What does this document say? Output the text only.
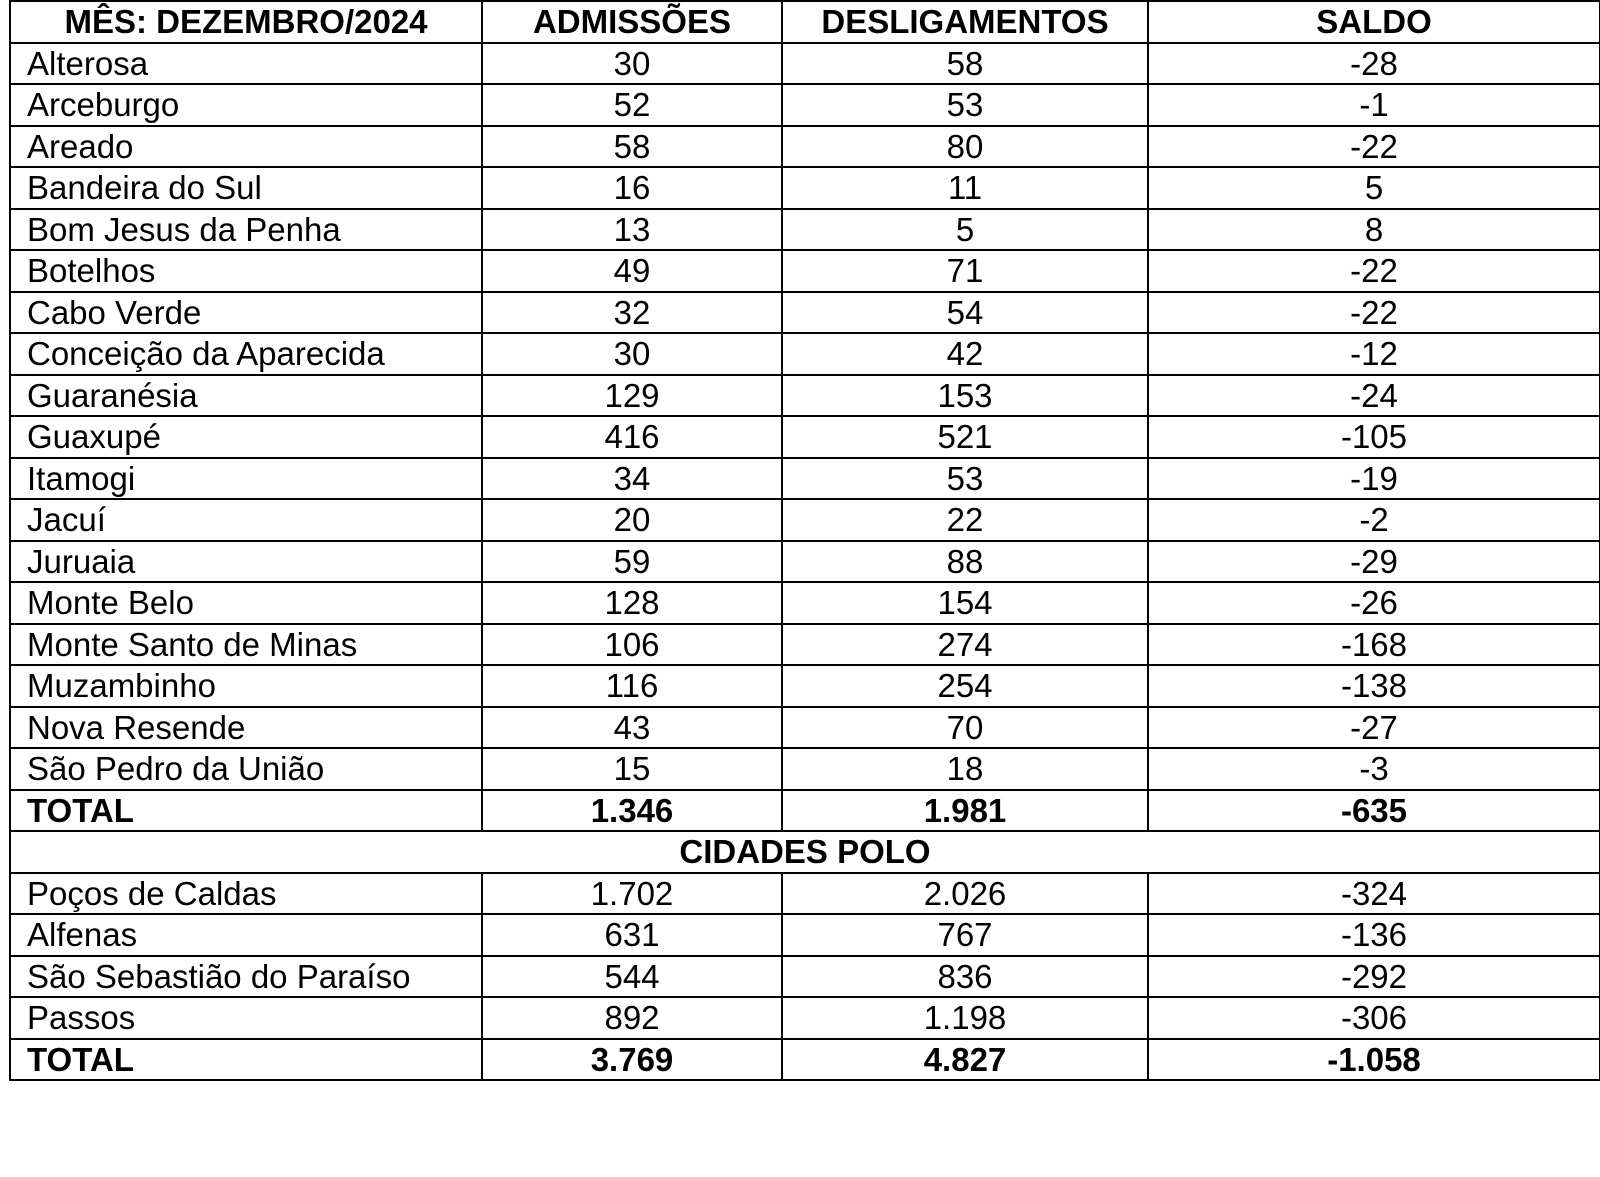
MÊS: DEZEMBRO/2024	ADMISSÕES	DESLIGAMENTOS	SALDO
Alterosa	30	58	-28
Arceburgo	52	53	-1
Areado	58	80	-22
Bandeira do Sul	16	11	5
Bom Jesus da Penha	13	5	8
Botelhos	49	71	-22
Cabo Verde	32	54	-22
Conceição da Aparecida	30	42	-12
Guaranésia	129	153	-24
Guaxupé	416	521	-105
Itamogi	34	53	-19
Jacuí	20	22	-2
Juruaia	59	88	-29
Monte Belo	128	154	-26
Monte Santo de Minas	106	274	-168
Muzambinho	116	254	-138
Nova Resende	43	70	-27
São Pedro da União	15	18	-3
TOTAL	1.346	1.981	-635
CIDADES POLO			
Poços de Caldas	1.702	2.026	-324
Alfenas	631	767	-136
São Sebastião do Paraíso	544	836	-292
Passos	892	1.198	-306
TOTAL	3.769	4.827	-1.058
